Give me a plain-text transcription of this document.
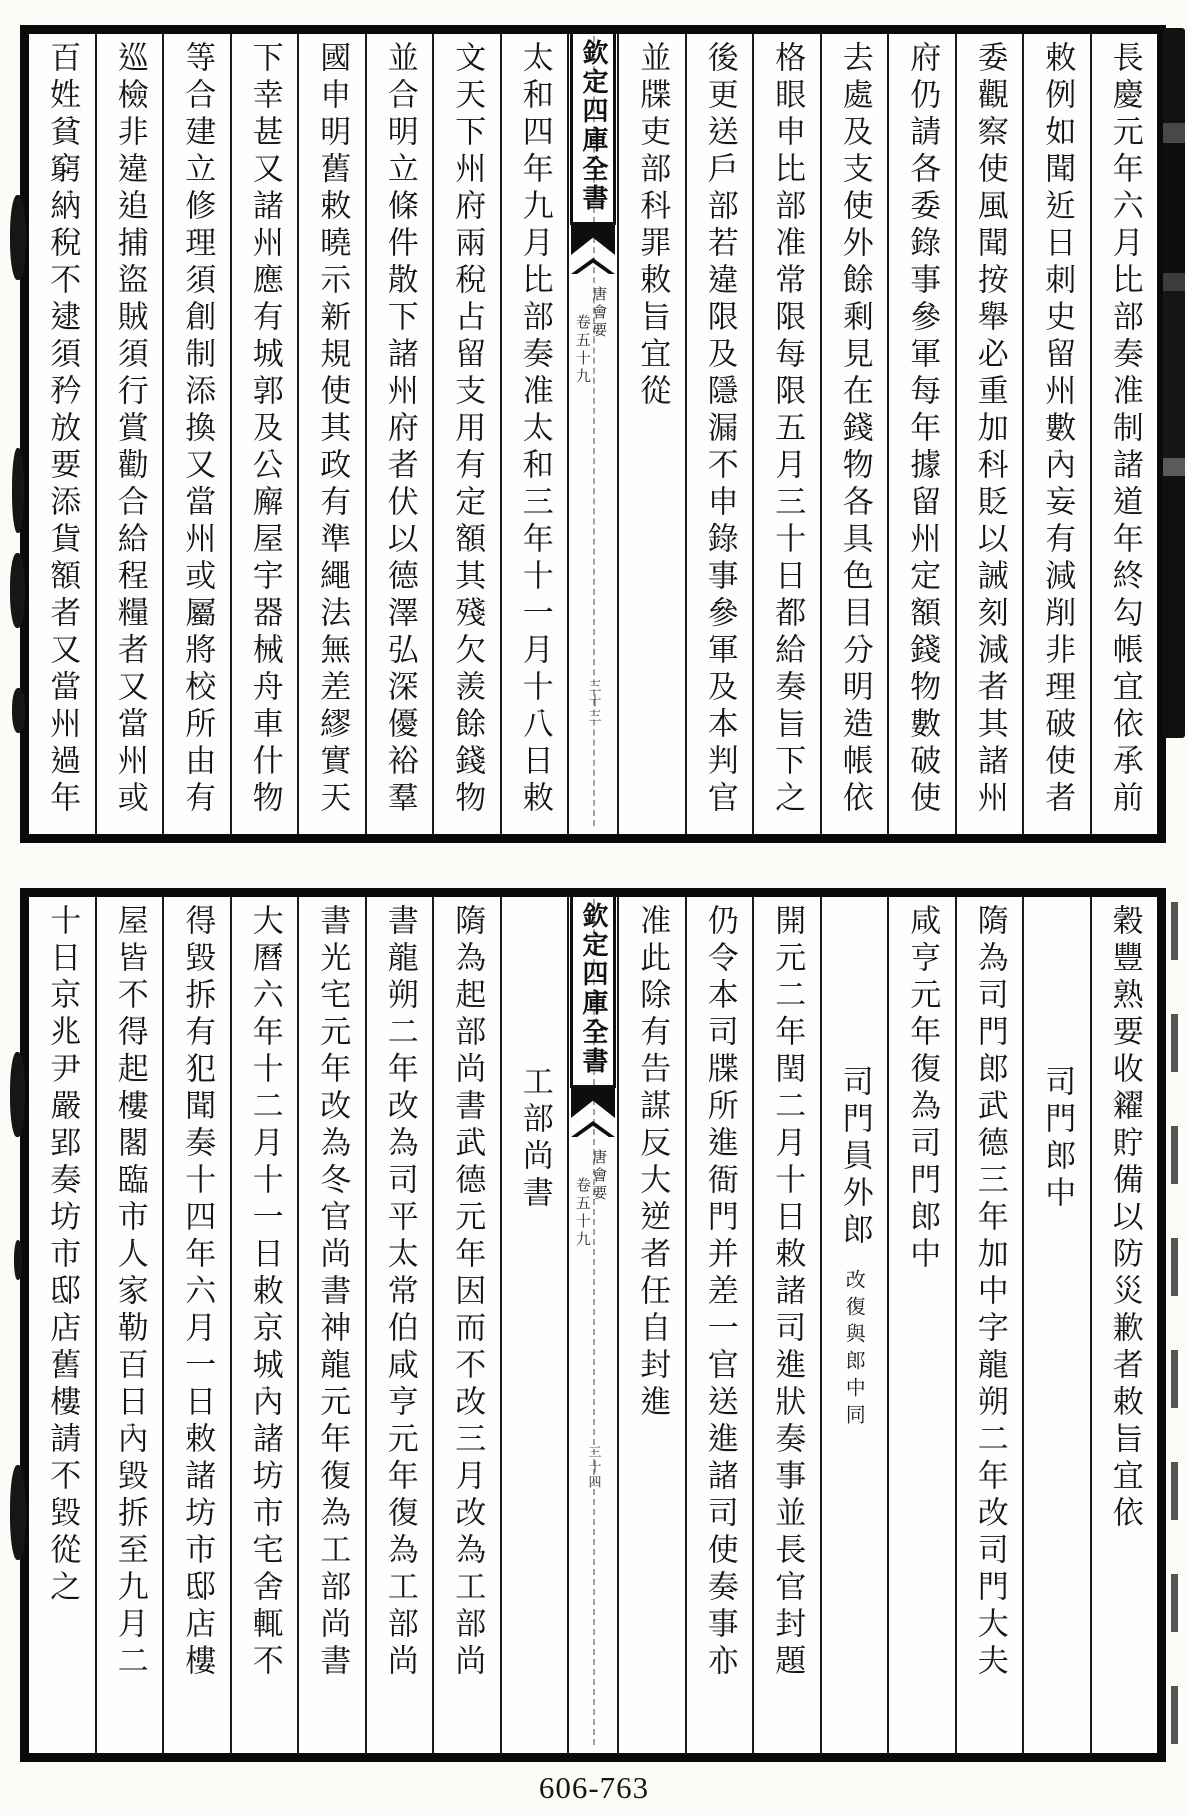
長慶元年六月比部奏准制諸道年終勾帳宜依承前
敕例如聞近日刺史留州數內妄有減削非理破使者
委觀察使風聞按舉必重加科貶以誡刻減者其諸州
府仍請各委錄事參軍每年據留州定額錢物數破使
去處及支使外餘剩見在錢物各具色目分明造帳依
格眼申比部准常限每限五月三十日都給奏旨下之
後更送戶部若違限及隱漏不申錄事參軍及本判官
並牒吏部科罪敕旨宜從
欽定四庫全書
唐會要
卷五十九
三十三
太和四年九月比部奏准太和三年十一月十八日敕
文天下州府兩稅占留支用有定額其殘欠羨餘錢物
並合明立條件散下諸州府者伏以德澤弘深優裕羣
國申明舊敕曉示新規使其政有準繩法無差繆實天
下幸甚又諸州應有城郭及公廨屋宇器械舟車什物
等合建立修理須創制添換又當州或屬將校所由有
巡檢非違追捕盜賊須行賞勸合給程糧者又當州或
百姓貧窮納稅不逮須矜放要添貨額者又當州過年
穀豐熟要收糴貯備以防災歉者敕旨宜依
司門郎中
隋為司門郎武德三年加中字龍朔二年改司門大夫
咸亨元年復為司門郎中
司門員外郎
改復與郎中同
開元二年閏二月十日敕諸司進狀奏事並長官封題
仍令本司牒所進衙門并差一官送進諸司使奏事亦
准此除有告謀反大逆者任自封進
欽定四庫全書
唐會要
卷五十九
三十四
工部尚書
隋為起部尚書武德元年因而不改三月改為工部尚
書龍朔二年改為司平太常伯咸亨元年復為工部尚
書光宅元年改為冬官尚書神龍元年復為工部尚書
大曆六年十二月十一日敕京城內諸坊市宅舍輒不
得毀拆有犯聞奏十四年六月一日敕諸坊市邸店樓
屋皆不得起樓閣臨市人家勒百日內毀拆至九月二
十日京兆尹嚴郢奏坊市邸店舊樓請不毀從之
606-763
